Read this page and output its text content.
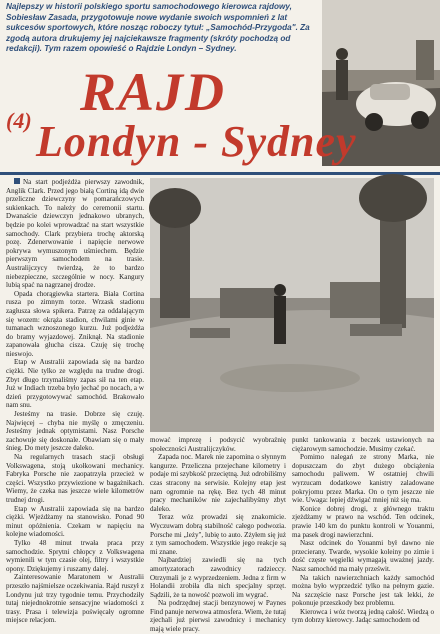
Najlepszy w historii polskiego sportu samochodowego kierowca rajdowy, Sobiesław Zasada, przygotowuje nowe wydanie swoich wspomnień z lat sukcesów sportowych, które nosząc roboczy tytuł: „Samochód-Przygoda". Za zgodą autora drukujemy jej najciekawsze fragmenty (skróty pochodzą od redakcji). Tym razem opowieść o Rajdzie Londyn – Sydney.

(4) RAJD
Londyn - Sydney

Na start podjeżdża pierwszy zawodnik, Anglik Clark. Przed jego białą Cortiną idą dwie przeliczne dziewczyny w pomarańczowych sukienkach. To należy do ceremonii startu. Dwanaście dziewczyn jednakowo ubranych, będzie po kolei wprowadzać na start wszystkie samochody. Clark przybiera trochę aktorską pozę. Zdenerwowanie i napięcie nerwowe pokrywa wymuszonym uśmiechem. Będzie pierwszym samochodem na trasie. Australijczycy twierdzą, że to bardzo niebezpieczne, szczególnie w nocy. Kangury lubią spać na nagrzanej drodze.

Opada chorągiewka startera. Biała Cortina rusza po zimnym torze. Wrzask stadionu zagłusza słowa spikera. Patrzę za oddalającym się wozem: okrąża stadion, chwilami ginie w tumanach wznoszonego kurzu. Już podjeżdża do bramy wyjazdowej. Zniknął. Na stadionie zapanowała głucha cisza. Czuję się trochę nieswojo.

Etap w Australii zapowiada się na bardzo ciężki. Nie tylko ze względu na trudne drogi. Zbyt długo trzymaliśmy zapas sił na ten etap. Już w Indiach trzeba było jechać po nocach, a w dzień przygotowywać samochód. Brakowało nam snu.

Jesteśmy na trasie. Dobrze się czuję. Najwięcej – chyba nie myślę o zmęczeniu. Jesteśmy jednak optymistami. Nasz Porsche zachowuje się doskonale. Obawiam się o mały śnieg. Do mety jeszcze daleko.

Na regularnych trasach stacji obsługi Volkswagena, stoją ukołkowani mechanicy. Fabryka Porsche nie zaopatrzyła przecież w części. Wszystko przywiezione w bagażnikach. Wiemy, że czeka nas jeszcze wiele kilometrów trudnej drogi.

Etap w Australii zapowiada się na bardzo ciężki. Wjeżdżamy na stanowisko. Ponad 90 minut opóźnienia. Czekam w napięciu na kolejne wiadomości.

Tylko 48 minut trwała praca przy samochodzie. Sprytni chłopcy z Volkswagena wymienili w tym czasie olej, filtry i wszystkie opony. Dziękujemy i ruszamy dalej.

Zainteresowanie Maratonem w Australii przeszło najśmielsze oczekiwania. Rajd ruszył z Londynu już trzy tygodnie temu. Przychodziły tutaj niejednokrotnie sensacyjne wiadomości z trasy. Prasa i telewizja poświęcały ogromne miejsce relacjom.

mować imprezę i podsycić wyobraźnię społeczności Australijczyków.

Zapada noc. Marek nie zapomina o słynnym kangurze. Przeliczna przejechane kilometry i podaje mi szybkość przeciętną. Już odrobiliśmy czas stracony na serwisie. Kolejny etap jest nam ogromnie na rękę. Bez tych 48 minut pracy mechaników nie zajechalibyśmy zbyt daleko.

Teraz wóz prowadzi się znakomicie. Wyczuwam dobrą stabilność całego podwozia. Porsche mi „leży", lubię to auto. Zżyłem się już z tym samochodem. Wszystkie jego reakcje są mi znane.

Najbardziej zawiedli się na tych amortyzatorach zawodnicy radzieccy. Otrzymali je z wyprzedzeniem. Jedna z firm w Holandii zrobiła dla nich specjalny sprzęt. Sądzili, że ta nowość pozwoli im wygrać.

Na podrzędnej stacji benzynowej w Paynes Find panuje nerwowa atmosfera. Wiem, że tutaj zjechali już pierwsi zawodnicy i mechanicy mają wiele pracy.

punkt tankowania z beczek ustawionych na ciężarowym samochodzie. Musimy czekać.

Pomimo nalegań ze strony Marka, nie dopuszczam do zbyt dużego obciążenia samochodu paliwem. W ostatniej chwili wyrzucam dodatkowe kanistry zaladowane pokryjomu przez Marka. On o tym jeszcze nie wie. Uwaga: lepiej dźwigać mniej niż się ma.

Konice dobrej drogi, z głównego traktu zjeżdżamy w prawo na wschód. Ten odcinek, prawie 140 km do punktu kontroli w Youanmi, ma pasek drogi nawierzchni.

Nasz odcinek do Youanmi był dawno nie przecierany. Twarde, wysokie koleiny po zimie i dość częste węgielki wymagają uważnej jazdy. Nasz samochód ma mały prześwit.

Na takich nawierzchniach każdy samochód można było wyprzedzić tylko na pełnym gazie. Na szczęście nasz Porsche jest tak lekki, że pokonuje przeszkody bez problemu.

Kierowca i wóz tworzą jedną całość. Wiedzą o tym dobrzy kierowcy. Jadąc samochodem od
